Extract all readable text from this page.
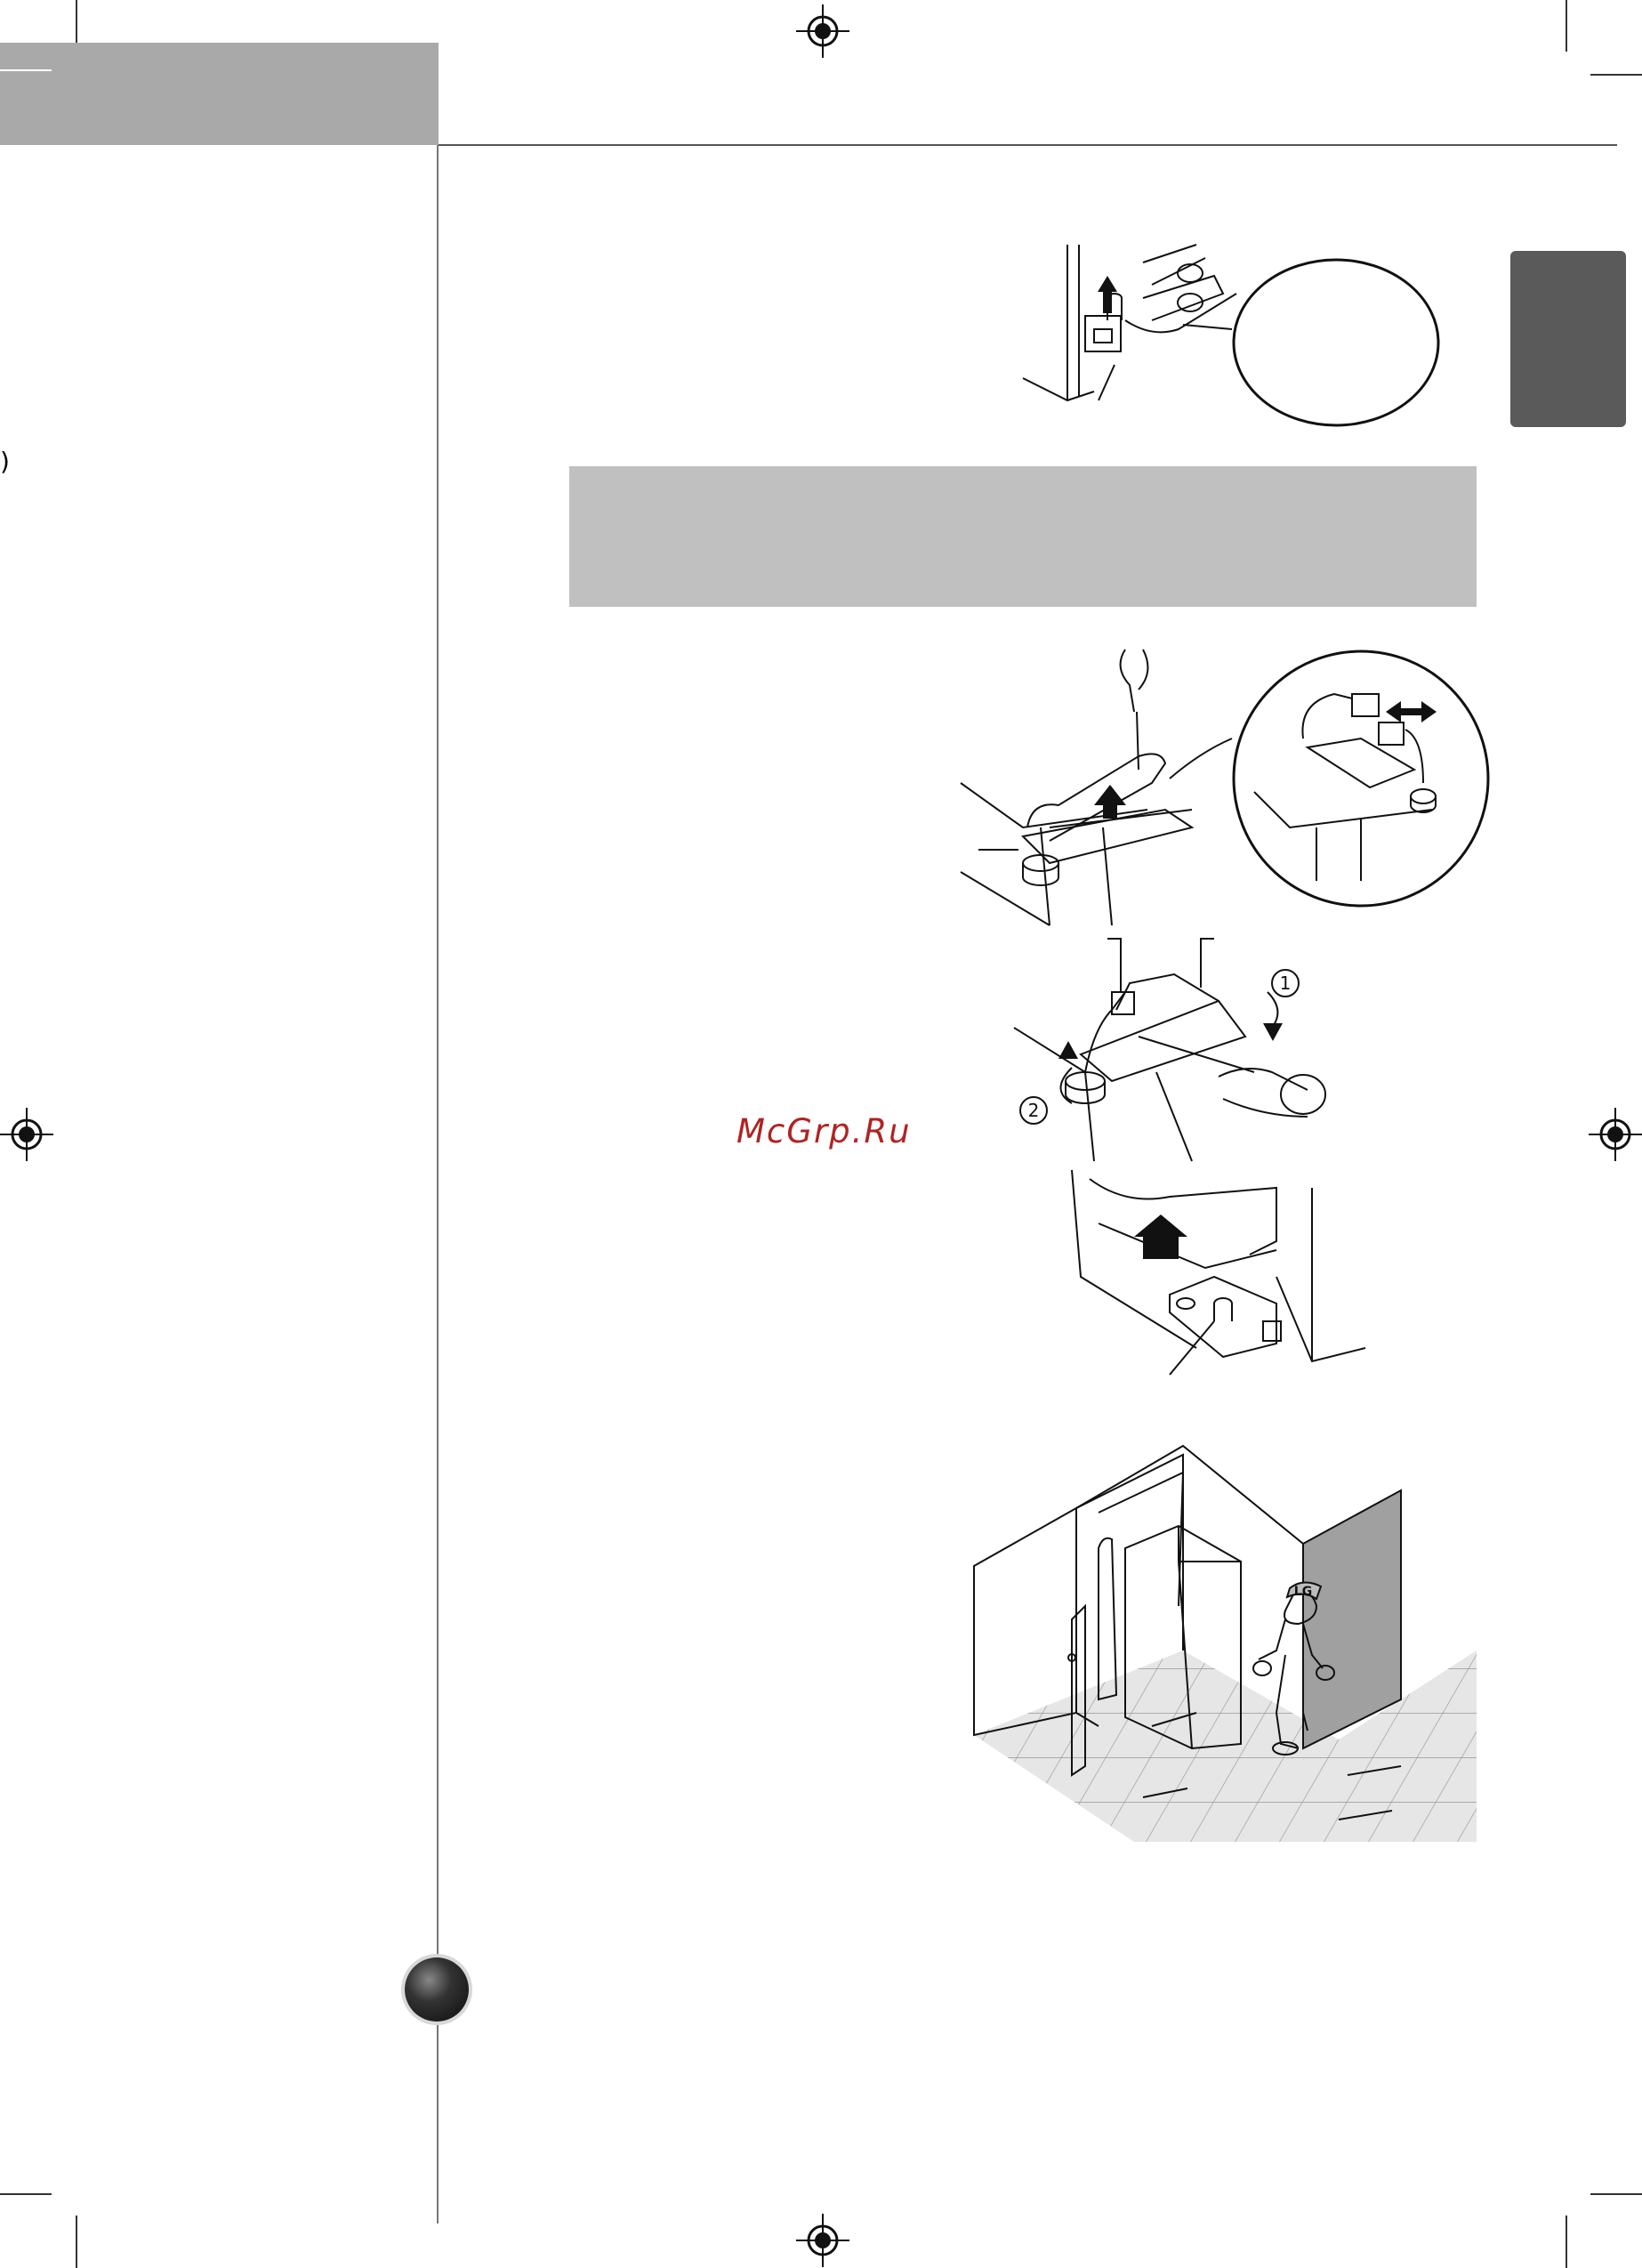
)
McGrp.Ru
1
2
LG
